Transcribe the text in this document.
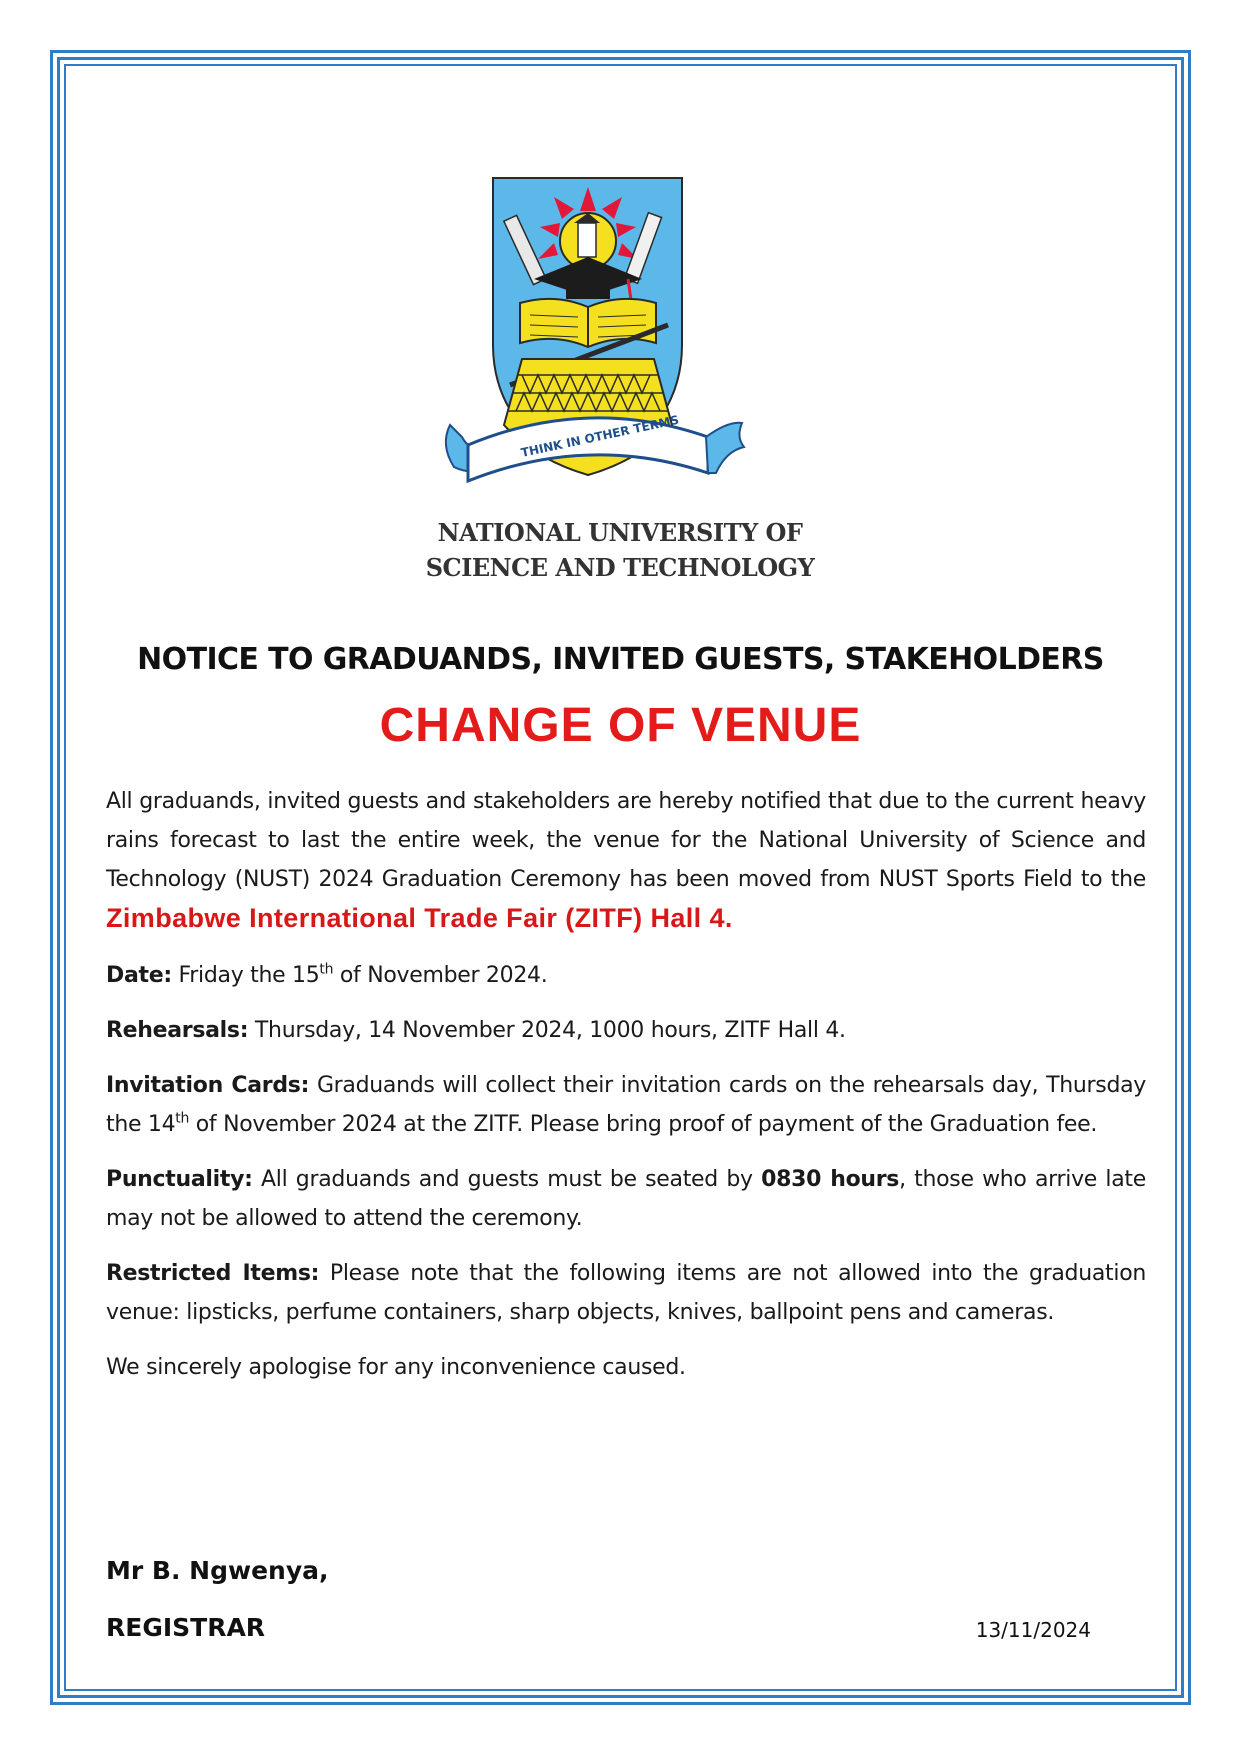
THINK IN OTHER TERMS
NATIONAL UNIVERSITY OF
SCIENCE AND TECHNOLOGY
NOTICE TO GRADUANDS, INVITED GUESTS, STAKEHOLDERS
CHANGE OF VENUE

All graduands, invited guests and stakeholders are hereby notified that due to the current heavy rains forecast to last the entire week, the venue for the National University of Science and Technology (NUST) 2024 Graduation Ceremony has been moved from NUST Sports Field to the Zimbabwe International Trade Fair (ZITF) Hall 4.

Date: Friday the 15th of November 2024.

Rehearsals: Thursday, 14 November 2024, 1000 hours, ZITF Hall 4.

Invitation Cards: Graduands will collect their invitation cards on the rehearsals day, Thursday the 14th of November 2024 at the ZITF. Please bring proof of payment of the Graduation fee.

Punctuality: All graduands and guests must be seated by 0830 hours, those who arrive late may not be allowed to attend the ceremony.

Restricted Items: Please note that the following items are not allowed into the graduation venue: lipsticks, perfume containers, sharp objects, knives, ballpoint pens and cameras.

We sincerely apologise for any inconvenience caused.

Mr B. Ngwenya,
REGISTRAR	13/11/2024
